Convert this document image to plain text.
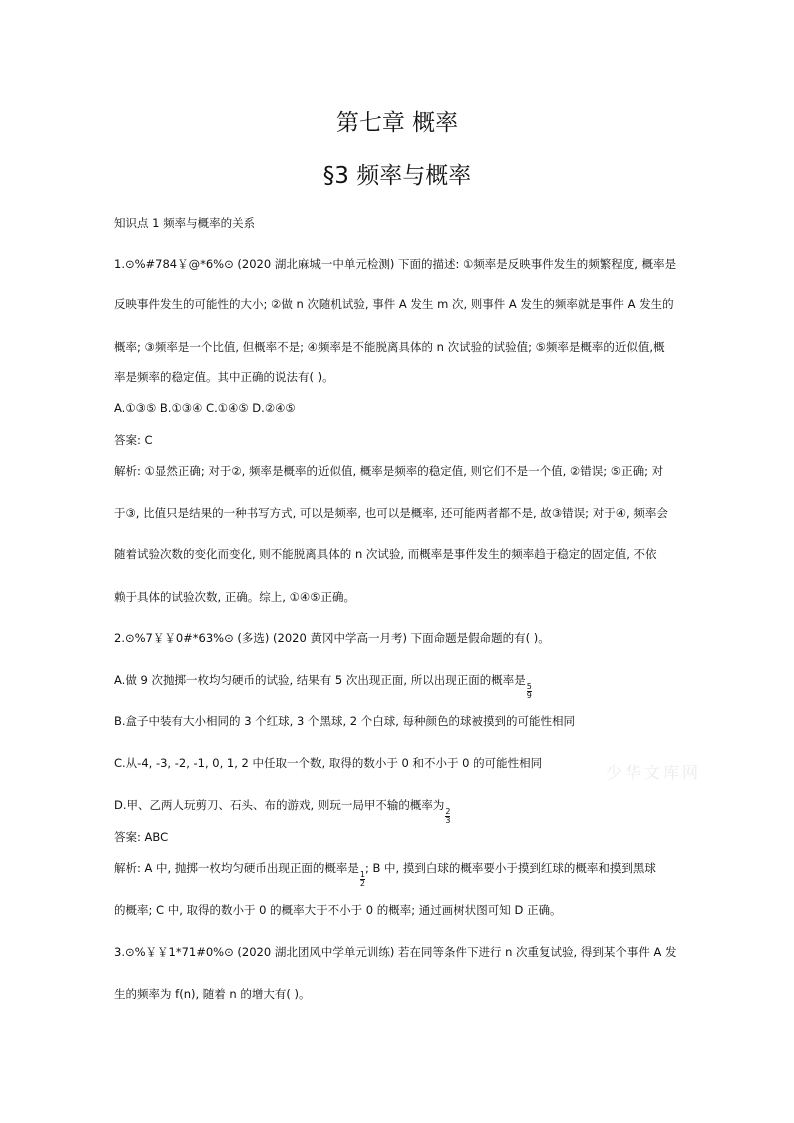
第七章 概率
§3 频率与概率
知识点 1 频率与概率的关系
1.⊙%#784￥@*6%⊙ (2020 湖北麻城一中单元检测) 下面的描述: ①频率是反映事件发生的频繁程度, 概率是
反映事件发生的可能性的大小; ②做 n 次随机试验, 事件 A 发生 m 次, 则事件 A 发生的频率就是事件 A 发生的
概率; ③频率是一个比值, 但概率不是; ④频率是不能脱离具体的 n 次试验的试验值; ⑤频率是概率的近似值,概
率是频率的稳定值。其中正确的说法有( )。
A.①③⑤ B.①③④ C.①④⑤ D.②④⑤
答案: C
解析: ①显然正确; 对于②, 频率是概率的近似值, 概率是频率的稳定值, 则它们不是一个值, ②错误; ⑤正确; 对
于③, 比值只是结果的一种书写方式, 可以是频率, 也可以是概率, 还可能两者都不是, 故③错误; 对于④, 频率会
随着试验次数的变化而变化, 则不能脱离具体的 n 次试验, 而概率是事件发生的频率趋于稳定的固定值, 不依
赖于具体的试验次数, 正确。综上, ①④⑤正确。
2.⊙%7￥￥0#*63%⊙ (多选) (2020 黄冈中学高一月考) 下面命题是假命题的有( )。
A.做 9 次抛掷一枚均匀硬币的试验, 结果有 5 次出现正面, 所以出现正面的概率是
$\frac{5}{9}$
B.盒子中装有大小相同的 3 个红球, 3 个黑球, 2 个白球, 每种颜色的球被摸到的可能性相同
C.从-4, -3, -2, -1, 0, 1, 2 中任取一个数, 取得的数小于 0 和不小于 0 的可能性相同
D.甲、乙两人玩剪刀、石头、布的游戏, 则玩一局甲不输的概率为
$\frac{2}{3}$
答案: ABC
解析: A 中, 抛掷一枚均匀硬币出现正面的概率是
$\frac{1}{2}$
; B 中, 摸到白球的概率要小于摸到红球的概率和摸到黑球
的概率; C 中, 取得的数小于 0 的概率大于不小于 0 的概率; 通过画树状图可知 D 正确。
3.⊙%￥￥1*71#0%⊙ (2020 湖北团风中学单元训练) 若在同等条件下进行 n 次重复试验, 得到某个事件 A 发
生的频率为 f(n), 随着 n 的增大有( )。
少华文库网
